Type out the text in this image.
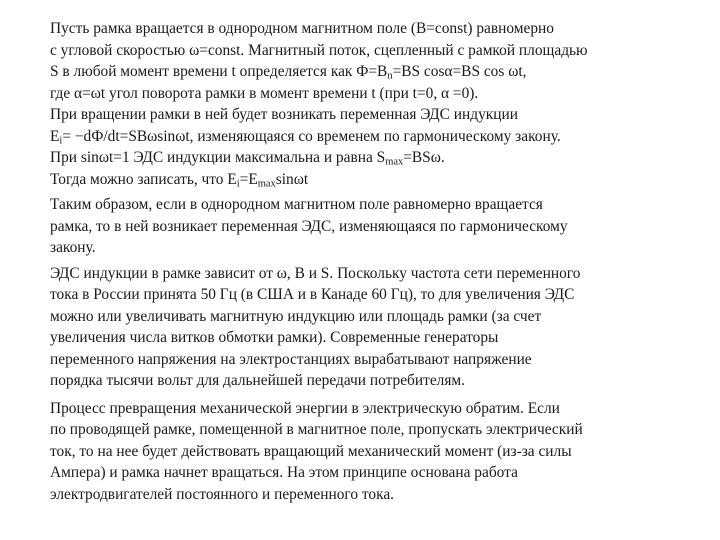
Пусть рамка вращается в однородном магнитном поле (B=const) равномерно

с угловой скоростью ω=const. Магнитный поток, сцепленный с рамкой площадью

S в любой момент времени t определяется как $Ф=B_n=BS$ cosα=BS cos ωt,

где α=ωt угол поворота рамки в момент времени t (при t=0, α =0).

При вращении рамки в ней будет возникать переменная ЭДС индукции

$E_i= -dФ/dt=SB\omega\sin\omega t$, изменяющаяся со временем по гармоническому закону.

При sinωt=1 ЭДС индукции максимальна и равна $S_{max}=BS\omega$.

Тогда можно записать, что $E_i=E_{max}\sin\omega t$

Таким образом, если в однородном магнитном поле равномерно вращается

рамка, то в ней возникает переменная ЭДС, изменяющаяся по гармоническому

закону.

ЭДС индукции в рамке зависит от ω, B и S. Поскольку частота сети переменного

тока в России принята 50 Гц (в США и в Канаде 60 Гц), то для увеличения ЭДС

можно или увеличивать магнитную индукцию или площадь рамки (за счет

увеличения числа витков обмотки рамки). Современные генераторы

переменного напряжения на электростанциях вырабатывают напряжение

порядка тысячи вольт для дальнейшей передачи потребителям.

Процесс превращения механической энергии в электрическую обратим. Если

по проводящей рамке, помещенной в магнитное поле, пропускать электрический

ток, то на нее будет действовать вращающий механический момент (из-за силы

Ампера) и рамка начнет вращаться. На этом принципе основана работа

электродвигателей постоянного и переменного тока.
